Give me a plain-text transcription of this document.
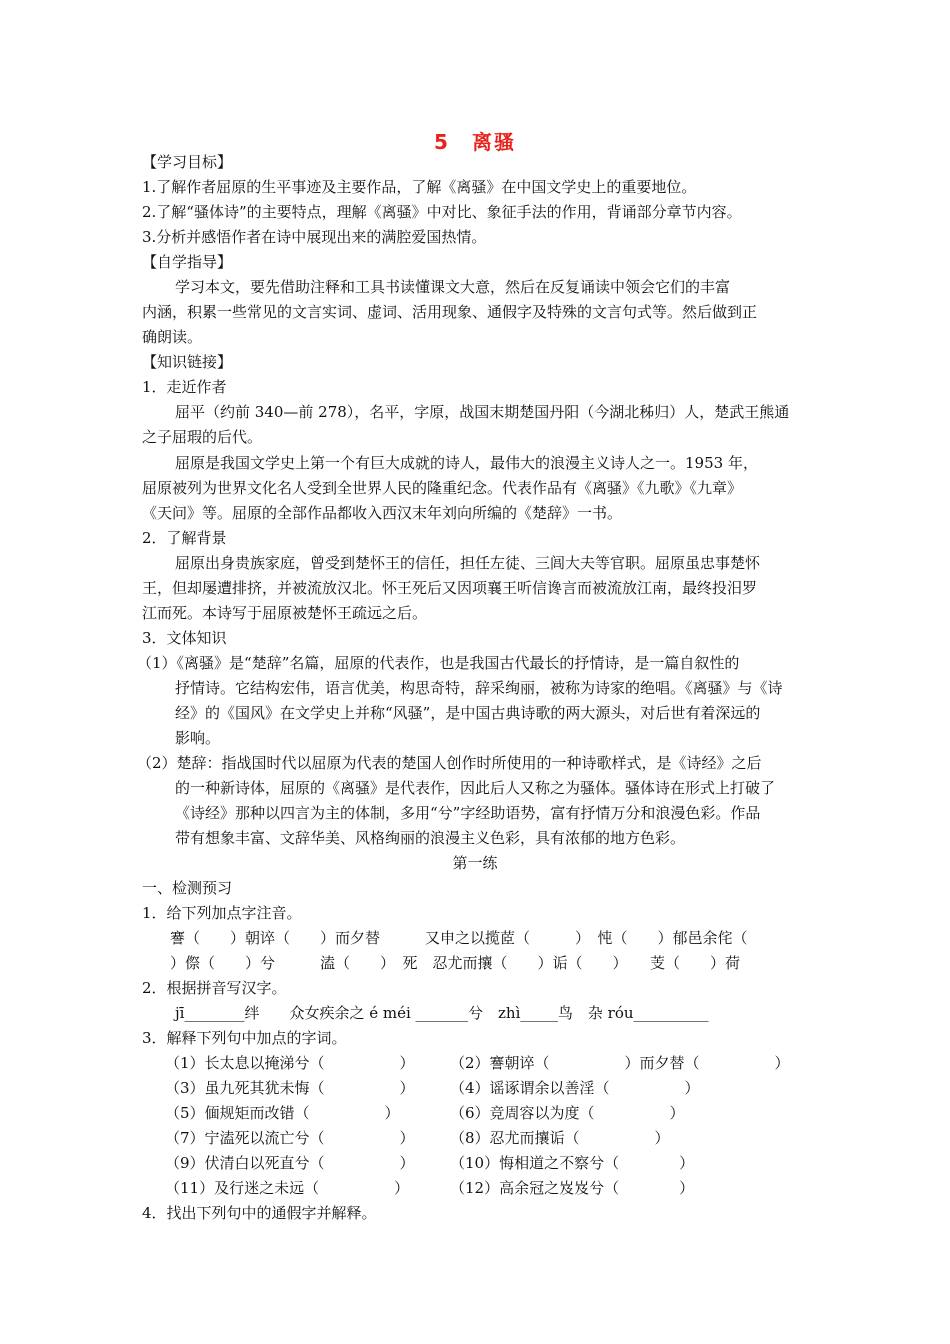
5　离骚
【学习目标】
1.了解作者屈原的生平事迹及主要作品，了解《离骚》在中国文学史上的重要地位。
2.了解“骚体诗”的主要特点，理解《离骚》中对比、象征手法的作用，背诵部分章节内容。
3.分析并感悟作者在诗中展现出来的满腔爱国热情。
【自学指导】
学习本文，要先借助注释和工具书读懂课文大意，然后在反复诵读中领会它们的丰富
内涵，积累一些常见的文言实词、虚词、活用现象、通假字及特殊的文言句式等。然后做到正
确朗读。
【知识链接】
1．走近作者
屈平（约前 340—前 278），名平，字原，战国末期楚国丹阳（今湖北秭归）人，楚武王熊通
之子屈瑕的后代。
屈原是我国文学史上第一个有巨大成就的诗人，最伟大的浪漫主义诗人之一。1953 年，
屈原被列为世界文化名人受到全世界人民的隆重纪念。代表作品有《离骚》《九歌》《九章》
《天问》等。屈原的全部作品都收入西汉末年刘向所编的《楚辞》一书。
2．了解背景
屈原出身贵族家庭，曾受到楚怀王的信任，担任左徒、三闾大夫等官职。屈原虽忠事楚怀
王，但却屡遭排挤，并被流放汉北。怀王死后又因项襄王听信谗言而被流放江南，最终投汨罗
江而死。本诗写于屈原被楚怀王疏远之后。
3．文体知识
（1）《离骚》是“楚辞”名篇，屈原的代表作，也是我国古代最长的抒情诗，是一篇自叙性的
抒情诗。它结构宏伟，语言优美，构思奇特，辞采绚丽，被称为诗家的绝唱。《离骚》与《诗
经》的《国风》在文学史上并称“风骚”，是中国古典诗歌的两大源头，对后世有着深远的
影响。
（2）楚辞：指战国时代以屈原为代表的楚国人创作时所使用的一种诗歌样式，是《诗经》之后
的一种新诗体，屈原的《离骚》是代表作，因此后人又称之为骚体。骚体诗在形式上打破了
《诗经》那种以四言为主的体制，多用“兮”字经助语势，富有抒情万分和浪漫色彩。作品
带有想象丰富、文辞华美、风格绚丽的浪漫主义色彩，具有浓郁的地方色彩。
第一练
一、检测预习
1．给下列加点字注音。
謇（　　）朝谇（　　）而夕替　　　又申之以揽茝（　　　）　忳（　　）郁邑余侘（
）傺（　　）兮　　　溘（　　）　死　忍尤而攘（　　）诟（　　）　　芰（　　）荷
2．根据拼音写汉字。
jī________绊　　众女疾余之 é méi _______兮　zhì_____鸟　杂 róu__________
3．解释下列句中加点的字词。
（1）长太息以掩涕兮（　　　　　） （2）謇朝谇（　　　　　）而夕替（　　　　　）
（3）虽九死其犹未悔（　　　　　） （4）谣诼谓余以善淫（　　　　　）
（5）偭规矩而改错（　　　　　）	（6）竞周容以为度（　　　　　）
（7）宁溘死以流亡兮（　　　　　） （8）忍尤而攘诟（　　　　　）
（9）伏清白以死直兮（　　　　　） （10）悔相道之不察兮（　　　　）
（11）及行迷之未远（　　　　　）	（12）高余冠之岌岌兮（　　　　）
4．找出下列句中的通假字并解释。
